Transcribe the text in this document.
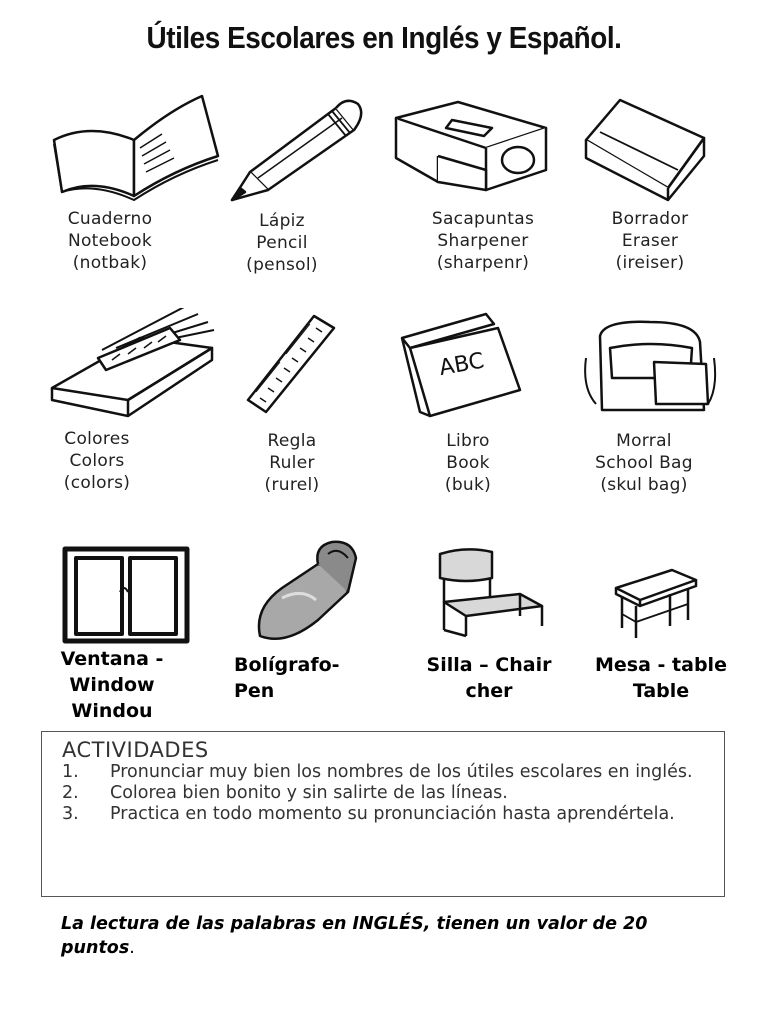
Útiles Escolares en Inglés y Español.
Cuaderno
Notebook
(notbak)
Lápiz
Pencil
(pensol)
Sacapuntas
Sharpener
(sharpenr)
Borrador
Eraser
(ireiser)
ABC
Colores
Colors
(colors)
Regla
Ruler
(rurel)
Libro
Book
(buk)
Morral
School Bag
(skul bag)
Ventana -
Window
Windou
Bolígrafo-
Pen
Silla – Chair
cher
Mesa - table
Table
ACTIVIDADES
1.	Pronunciar muy bien los nombres de los útiles escolares en inglés.
2.	Colorea bien bonito y sin salirte de las líneas.
3.	Practica en todo momento su pronunciación hasta aprendértela.
La lectura de las palabras en INGLÉS, tienen un valor de 20 puntos.
